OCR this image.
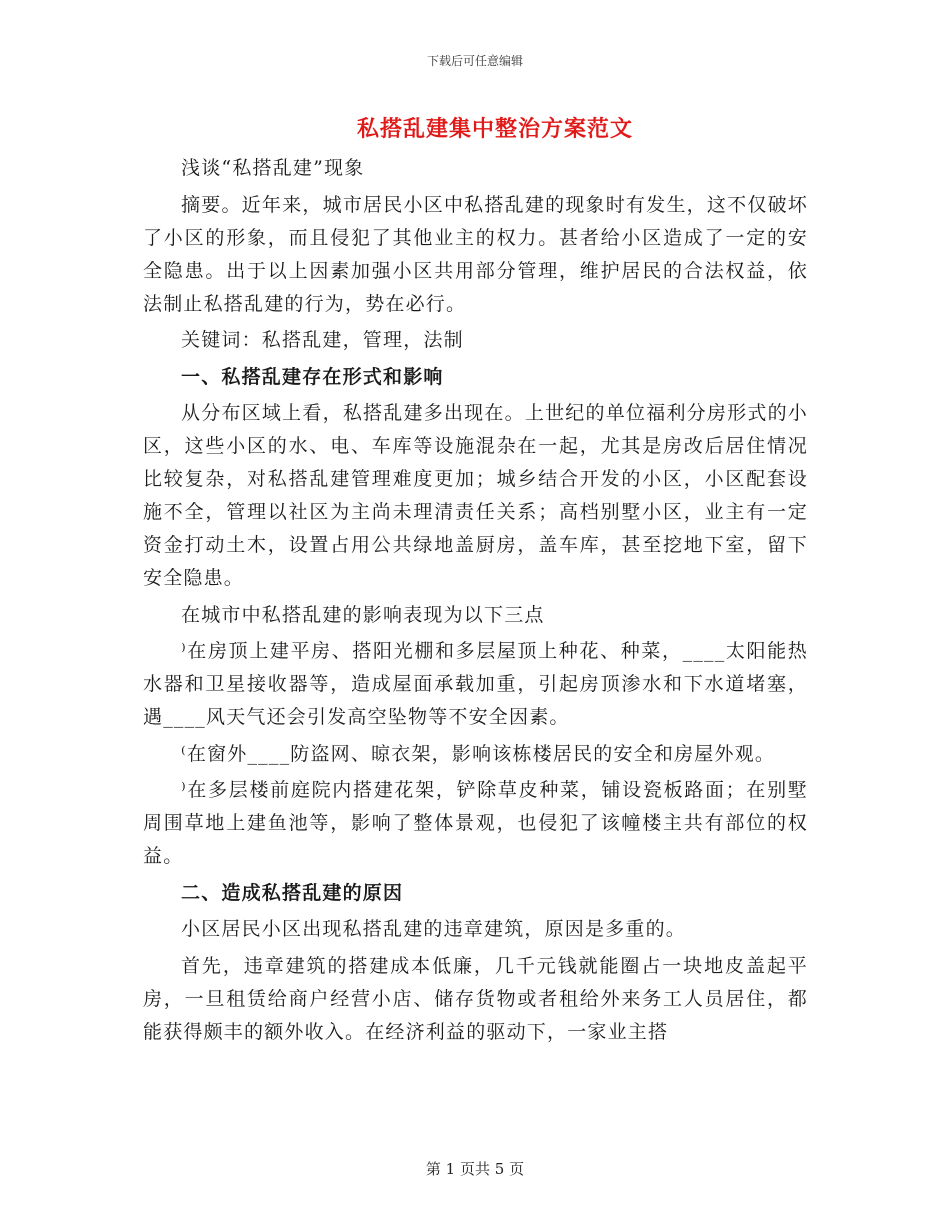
下载后可任意编辑
私搭乱建集中整治方案范文

浅谈“私搭乱建”现象

摘要。近年来，城市居民小区中私搭乱建的现象时有发生，这不仅破坏了小区的形象，而且侵犯了其他业主的权力。甚者给小区造成了一定的安全隐患。出于以上因素加强小区共用部分管理，维护居民的合法权益，依法制止私搭乱建的行为，势在必行。

关键词：私搭乱建，管理，法制

一、私搭乱建存在形式和影响

从分布区域上看，私搭乱建多出现在。上世纪的单位福利分房形式的小区，这些小区的水、电、车库等设施混杂在一起，尤其是房改后居住情况比较复杂，对私搭乱建管理难度更加；城乡结合开发的小区，小区配套设施不全，管理以社区为主尚未理清责任关系；高档别墅小区，业主有一定资金打动土木，设置占用公共绿地盖厨房，盖车库，甚至挖地下室，留下安全隐患。

在城市中私搭乱建的影响表现为以下三点

⁾在房顶上建平房、搭阳光棚和多层屋顶上种花、种菜，____太阳能热水器和卫星接收器等，造成屋面承载加重，引起房顶渗水和下水道堵塞，遇____风天气还会引发高空坠物等不安全因素。

⁽在窗外____防盗网、晾衣架，影响该栋楼居民的安全和房屋外观。

⁾在多层楼前庭院内搭建花架，铲除草皮种菜，铺设瓷板路面；在别墅周围草地上建鱼池等，影响了整体景观，也侵犯了该幢楼主共有部位的权益。

二、造成私搭乱建的原因

小区居民小区出现私搭乱建的违章建筑，原因是多重的。

首先，违章建筑的搭建成本低廉，几千元钱就能圈占一块地皮盖起平房，一旦租赁给商户经营小店、储存货物或者租给外来务工人员居住，都能获得颇丰的额外收入。在经济利益的驱动下，一家业主搭

第 1 页共 5 页
